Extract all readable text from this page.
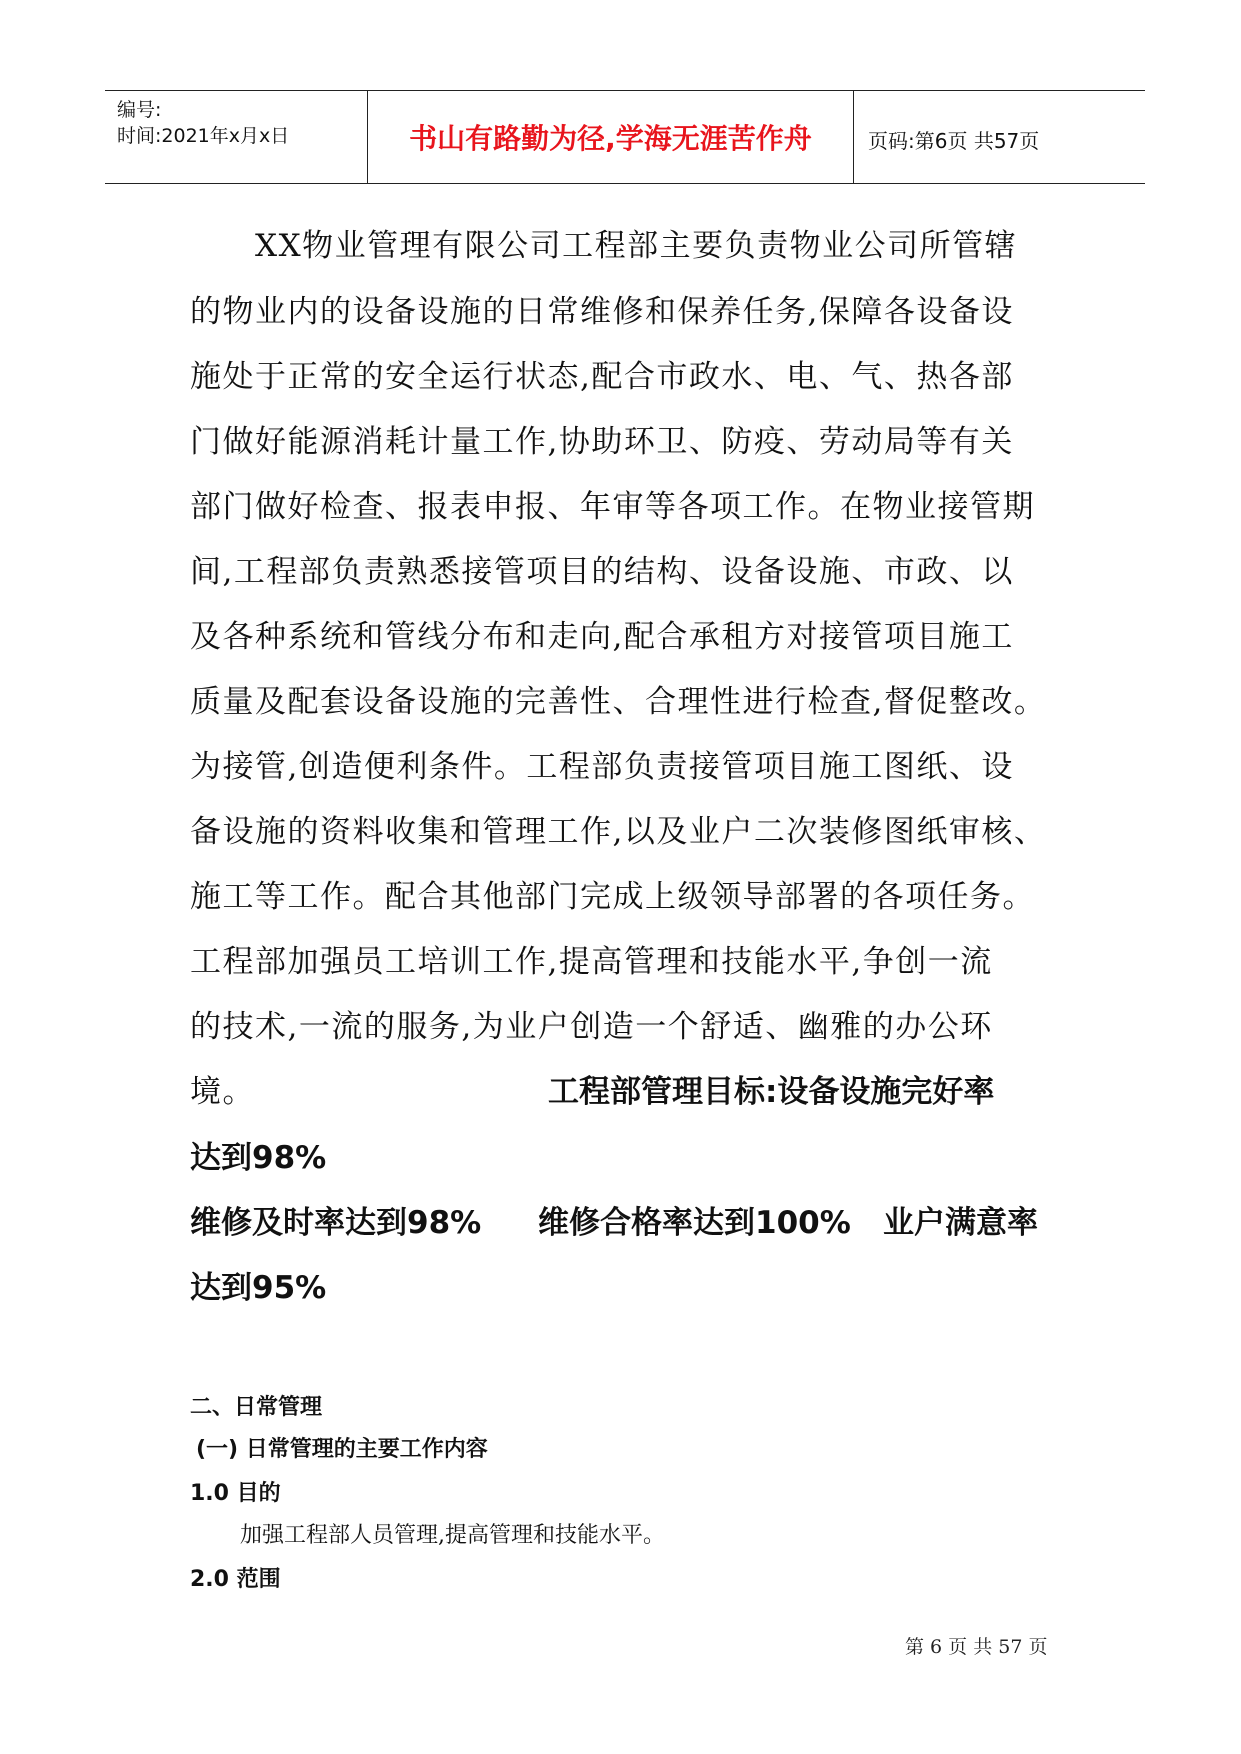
编号:
时间:2021年x月x日	书山有路勤为径,学海无涯苦作舟	页码:第6页 共57页
XX物业管理有限公司工程部主要负责物业公司所管辖
的物业内的设备设施的日常维修和保养任务,保障各设备设
施处于正常的安全运行状态,配合市政水、电、气、热各部
门做好能源消耗计量工作,协助环卫、防疫、劳动局等有关
部门做好检查、报表申报、年审等各项工作。在物业接管期
间,工程部负责熟悉接管项目的结构、设备设施、市政、以
及各种系统和管线分布和走向,配合承租方对接管项目施工
质量及配套设备设施的完善性、合理性进行检查,督促整改。
为接管,创造便利条件。工程部负责接管项目施工图纸、设
备设施的资料收集和管理工作,以及业户二次装修图纸审核、
施工等工作。配合其他部门完成上级领导部署的各项任务。
工程部加强员工培训工作,提高管理和技能水平,争创一流
的技术,一流的服务,为业户创造一个舒适、幽雅的办公环
境。	工程部管理目标:设备设施完好率
达到98%
维修及时率达到98% 维修合格率达到100% 业户满意率
达到95%
二、日常管理
(一) 日常管理的主要工作内容
1.0 目的
加强工程部人员管理,提高管理和技能水平。
2.0 范围
第 6 页 共 57 页
